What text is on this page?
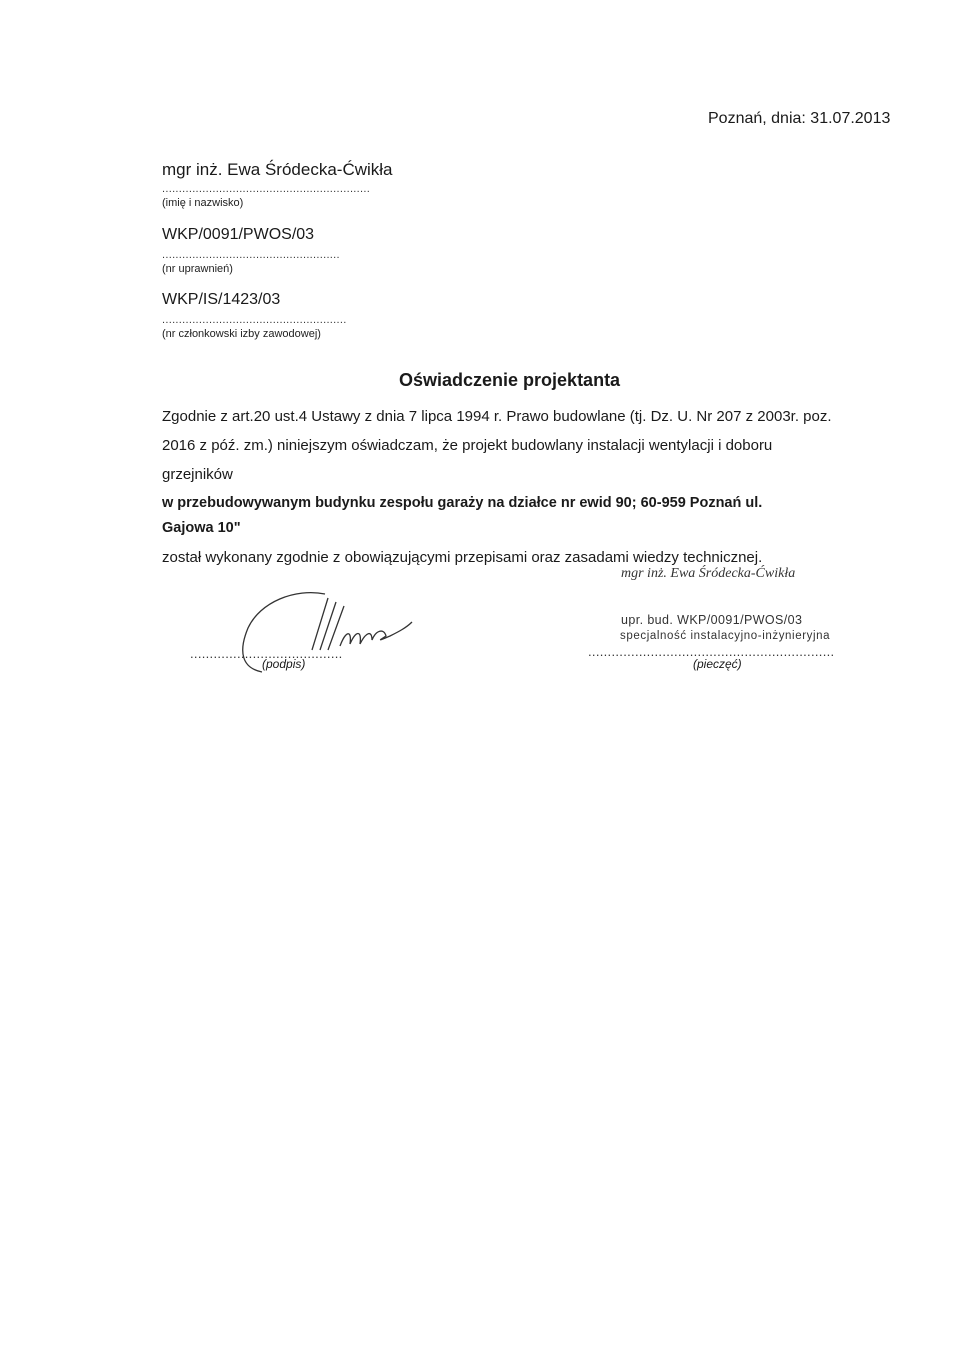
Poznań, dnia: 31.07.2013
mgr inż. Ewa Śródecka-Ćwikła
..............................................................
(imię i nazwisko)
WKP/0091/PWOS/03
.....................................................
(nr uprawnień)
WKP/IS/1423/03
.......................................................
(nr członkowski izby zawodowej)
Oświadczenie projektanta
Zgodnie z art.20 ust.4 Ustawy z dnia 7 lipca 1994 r. Prawo budowlane (tj. Dz. U. Nr 207 z 2003r. poz.
2016 z póź. zm.) niniejszym oświadczam, że projekt budowlany instalacji wentylacji i doboru
grzejników
w przebudowywanym budynku zespołu garaży na działce nr ewid 90; 60-959 Poznań ul.
Gajowa 10"
został wykonany zgodnie z obowiązującymi przepisami oraz zasadami wiedzy technicznej.
mgr inż. Ewa Śródecka-Ćwikła
.......................................
(podpis)
upr. bud. WKP/0091/PWOS/03
specjalność instalacyjno-inżynieryjna
...............................................................
(pieczęć)
